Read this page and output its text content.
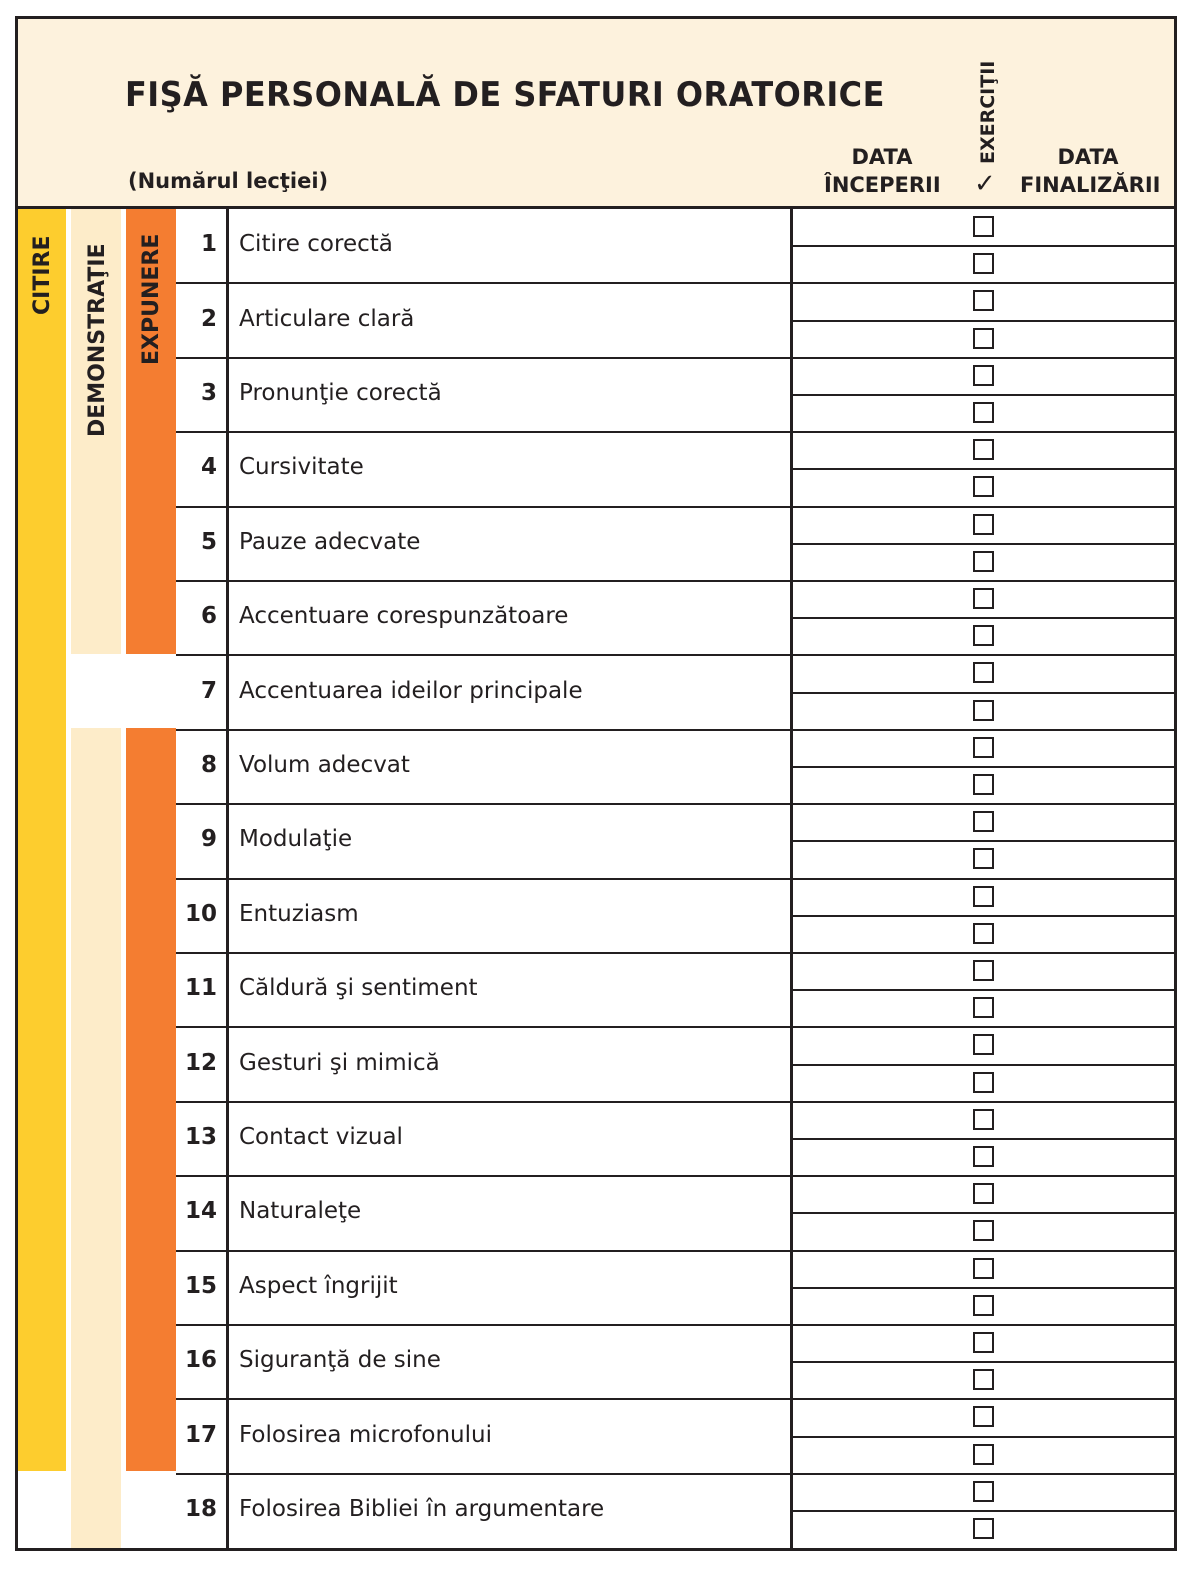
FIŞĂ PERSONALĂ DE SFATURI ORATORICE
(Numărul lecţiei)
DATA
ÎNCEPERII
EXERCIŢII
✓
DATA
FINALIZĂRII
CITIRE DEMONSTRAŢIE EXPUNERE	1 Citire corectă
2 Articulare clară
3 Pronunţie corectă
4 Cursivitate
5 Pauze adecvate
6 Accentuare corespunzătoare
7 Accentuarea ideilor principale
8 Volum adecvat
9 Modulaţie
10 Entuziasm
11 Căldură şi sentiment
12 Gesturi şi mimică
13 Contact vizual
14 Naturaleţe
15 Aspect îngrijit
16 Siguranţă de sine
17 Folosirea microfonului
18 Folosirea Bibliei în argumentare
